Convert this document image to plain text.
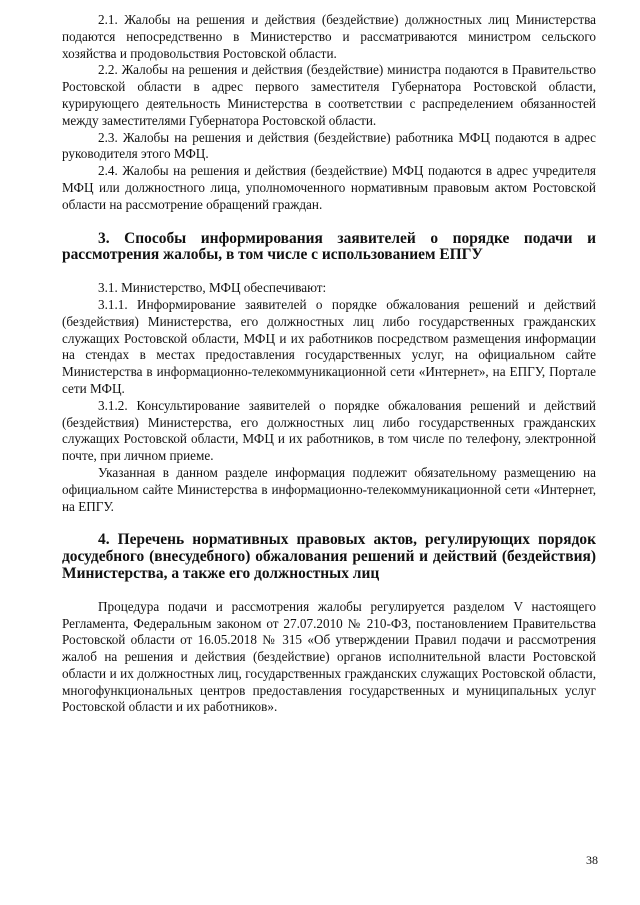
2.1. Жалобы на решения и действия (бездействие) должностных лиц Министерства подаются непосредственно в Министерство и рассматриваются министром сельского хозяйства и продовольствия Ростовской области.

2.2. Жалобы на решения и действия (бездействие) министра подаются в Правительство Ростовской области в адрес первого заместителя Губернатора Ростовской области, курирующего деятельность Министерства в соответствии с распределением обязанностей между заместителями Губернатора Ростовской области.

2.3. Жалобы на решения и действия (бездействие) работника МФЦ подаются в адрес руководителя этого МФЦ.

2.4. Жалобы на решения и действия (бездействие) МФЦ подаются в адрес учредителя МФЦ или должностного лица, уполномоченного нормативным правовым актом Ростовской области на рассмотрение обращений граждан.

3. Способы информирования заявителей о порядке подачи и рассмотрения жалобы, в том числе с использованием ЕПГУ

3.1. Министерство, МФЦ обеспечивают:

3.1.1. Информирование заявителей о порядке обжалования решений и действий (бездействия) Министерства, его должностных лиц либо государственных гражданских служащих Ростовской области, МФЦ и их работников посредством размещения информации на стендах в местах предоставления государственных услуг, на официальном сайте Министерства в информационно-телекоммуникационной сети «Интернет», на ЕПГУ, Портале сети МФЦ.

3.1.2. Консультирование заявителей о порядке обжалования решений и действий (бездействия) Министерства, его должностных лиц либо государственных гражданских служащих Ростовской области, МФЦ и их работников, в том числе по телефону, электронной почте, при личном приеме.

Указанная в данном разделе информация подлежит обязательному размещению на официальном сайте Министерства в информационно-телекоммуникационной сети «Интернет, на ЕПГУ.

4. Перечень нормативных правовых актов, регулирующих порядок досудебного (внесудебного) обжалования решений и действий (бездействия) Министерства, а также его должностных лиц

Процедура подачи и рассмотрения жалобы регулируется разделом V настоящего Регламента, Федеральным законом от 27.07.2010 № 210-ФЗ, постановлением Правительства Ростовской области от 16.05.2018 № 315 «Об утверждении Правил подачи и рассмотрения жалоб на решения и действия (бездействие) органов исполнительной власти Ростовской области и их должностных лиц, государственных гражданских служащих Ростовской области, многофункциональных центров предоставления государственных и муниципальных услуг Ростовской области и их работников».

38
